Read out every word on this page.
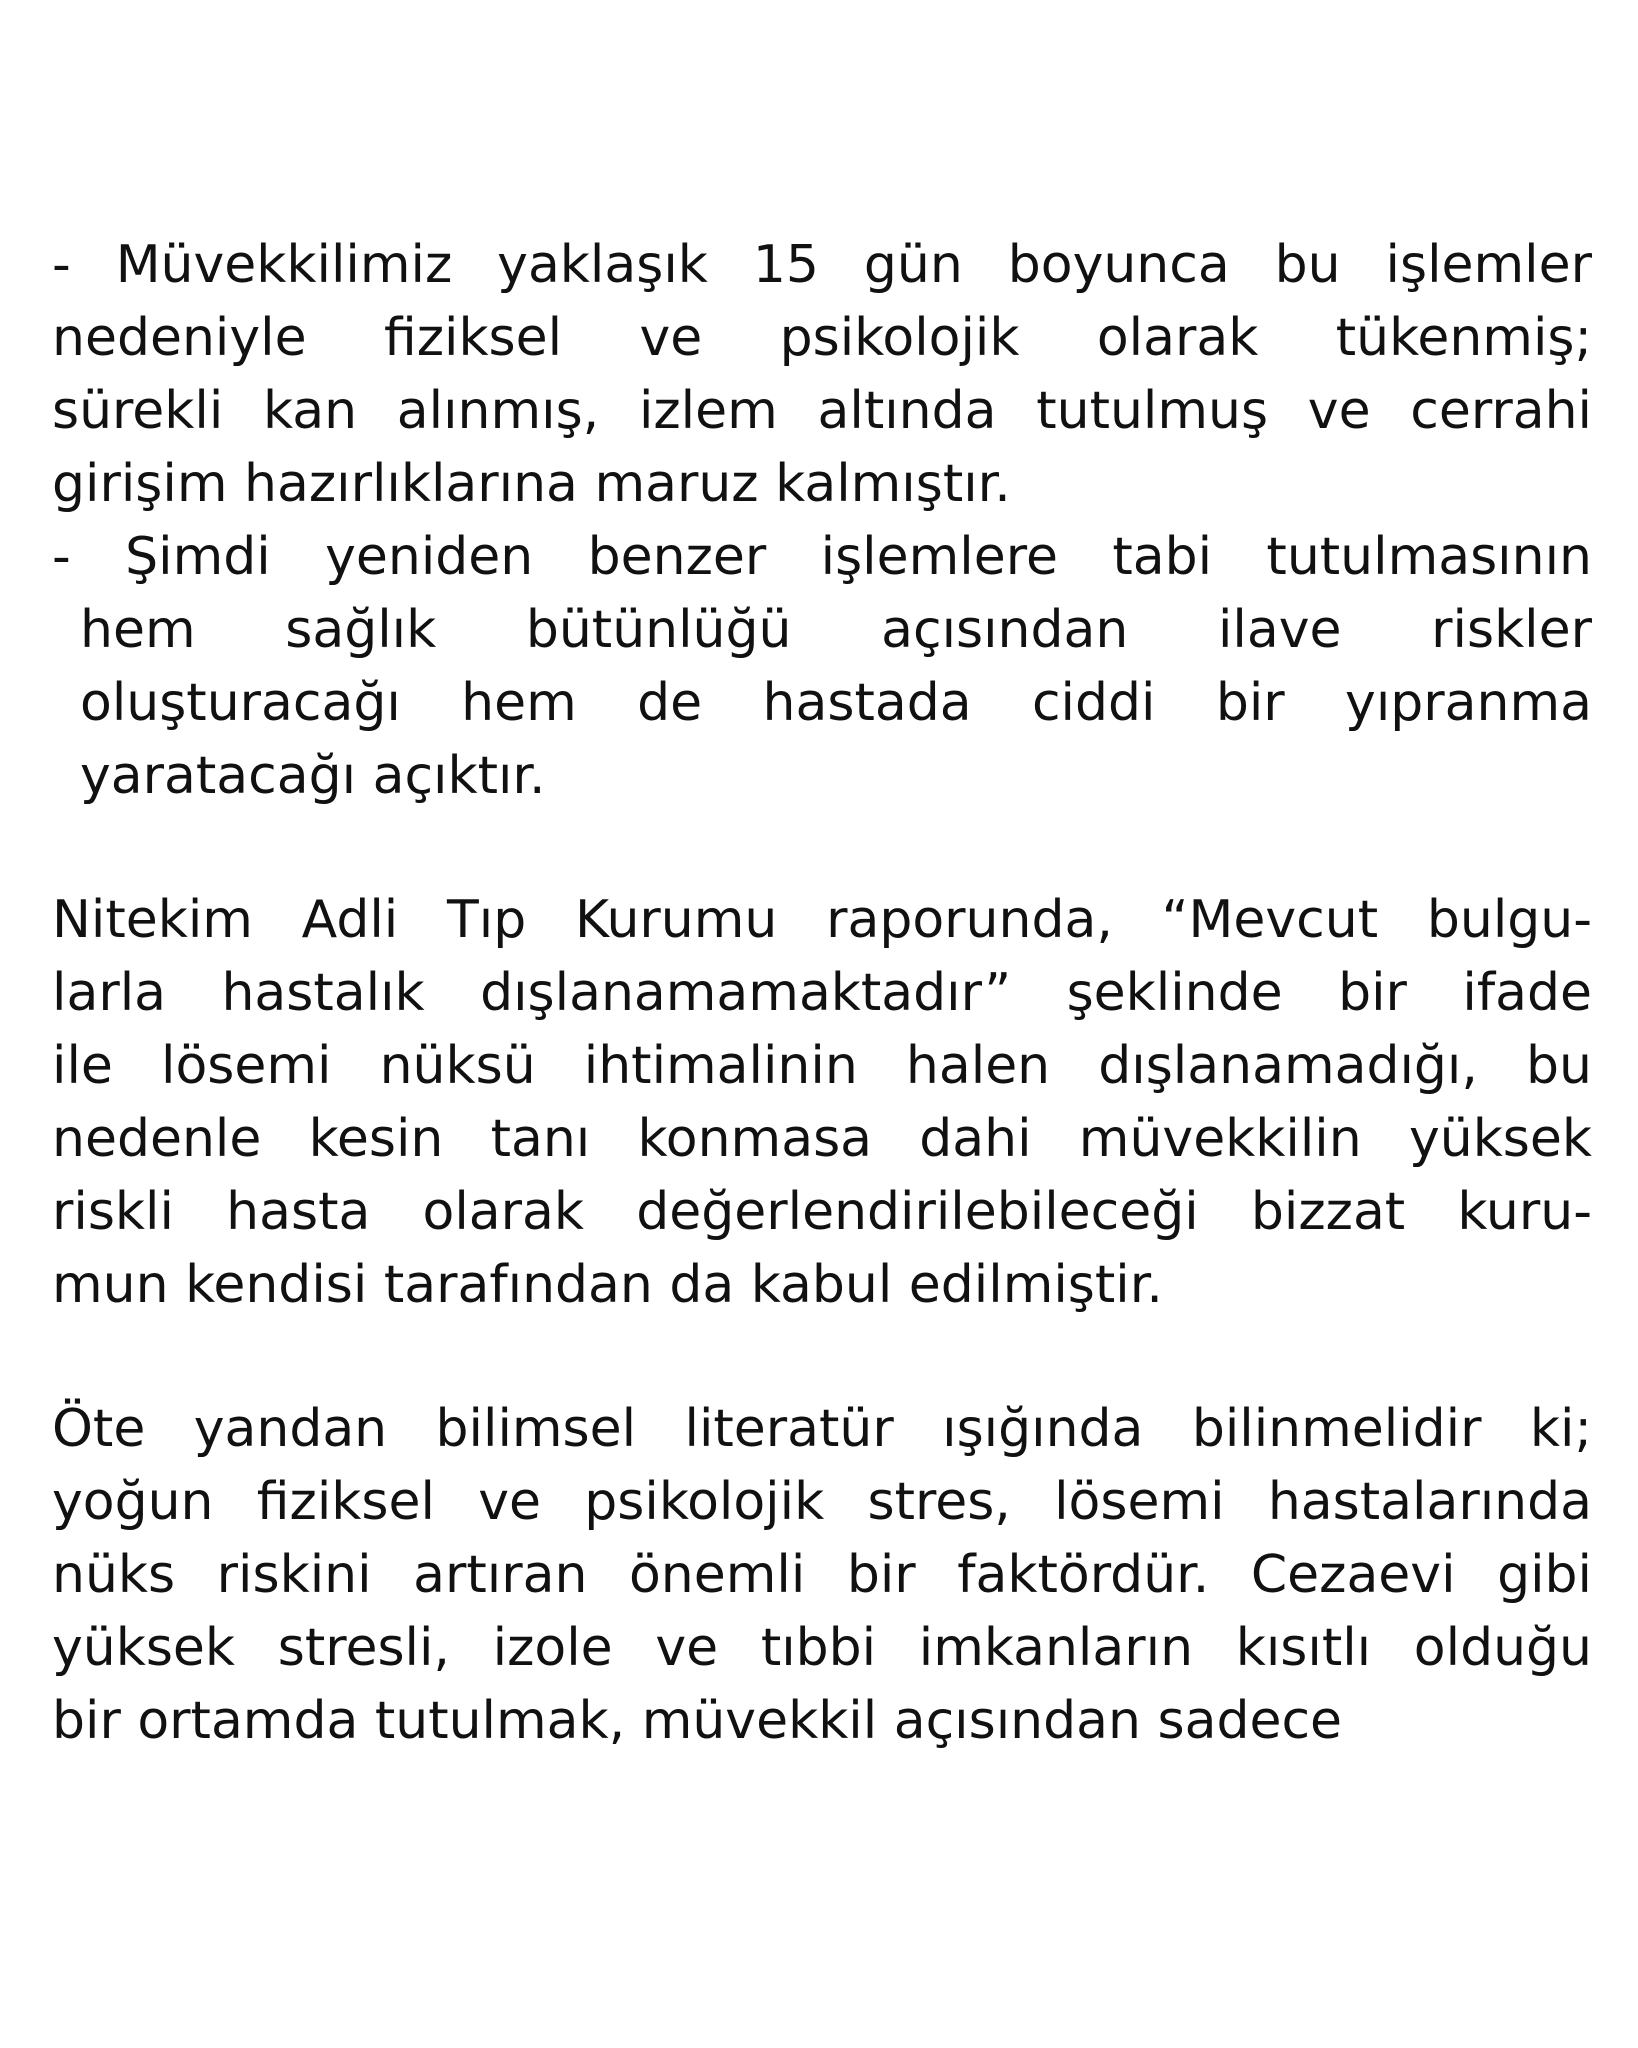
- Müvekkilimiz yaklaşık 15 gün boyunca bu işlemler
nedeniyle fiziksel ve psikolojik olarak tükenmiş;
sürekli kan alınmış, izlem altında tutulmuş ve cerrahi
girişim hazırlıklarına maruz kalmıştır.
- Şimdi yeniden benzer işlemlere tabi tutulmasının
hem sağlık bütünlüğü açısından ilave riskler
oluşturacağı hem de hastada ciddi bir yıpranma
yaratacağı açıktır.
Nitekim Adli Tıp Kurumu raporunda, “Mevcut bulgu-
larla hastalık dışlanamamaktadır” şeklinde bir ifade
ile lösemi nüksü ihtimalinin halen dışlanamadığı, bu
nedenle kesin tanı konmasa dahi müvekkilin yüksek
riskli hasta olarak değerlendirilebileceği bizzat kuru-
mun kendisi tarafından da kabul edilmiştir.
Öte yandan bilimsel literatür ışığında bilinmelidir ki;
yoğun fiziksel ve psikolojik stres, lösemi hastalarında
nüks riskini artıran önemli bir faktördür. Cezaevi gibi
yüksek stresli, izole ve tıbbi imkanların kısıtlı olduğu
bir ortamda tutulmak, müvekkil açısından sadece
